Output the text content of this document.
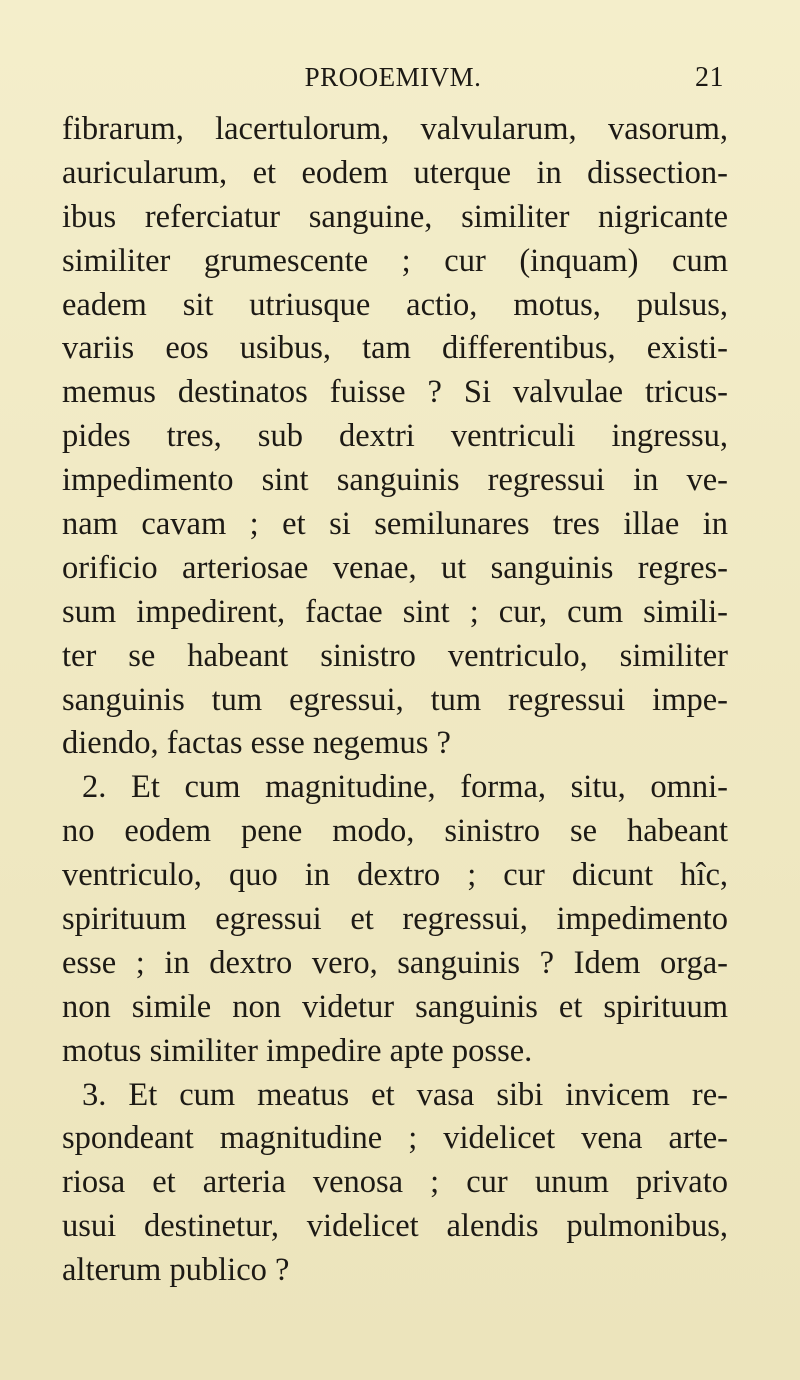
PROOEMIVM.	21
fibrarum, lacertulorum, valvularum, vasorum,
auricularum, et eodem uterque in dissection-
ibus referciatur sanguine, similiter nigricante
similiter grumescente ; cur (inquam) cum
eadem sit utriusque actio, motus, pulsus,
variis eos usibus, tam differentibus, existi-
memus destinatos fuisse ? Si valvulae tricus-
pides tres, sub dextri ventriculi ingressu,
impedimento sint sanguinis regressui in ve-
nam cavam ; et si semilunares tres illae in
orificio arteriosae venae, ut sanguinis regres-
sum impedirent, factae sint ; cur, cum simili-
ter se habeant sinistro ventriculo, similiter
sanguinis tum egressui, tum regressui impe-
diendo, factas esse negemus ?
2. Et cum magnitudine, forma, situ, omni-
no eodem pene modo, sinistro se habeant
ventriculo, quo in dextro ; cur dicunt hîc,
spirituum egressui et regressui, impedimento
esse ; in dextro vero, sanguinis ? Idem orga-
non simile non videtur sanguinis et spirituum
motus similiter impedire apte posse.
3. Et cum meatus et vasa sibi invicem re-
spondeant magnitudine ; videlicet vena arte-
riosa et arteria venosa ; cur unum privato
usui destinetur, videlicet alendis pulmonibus,
alterum publico ?
